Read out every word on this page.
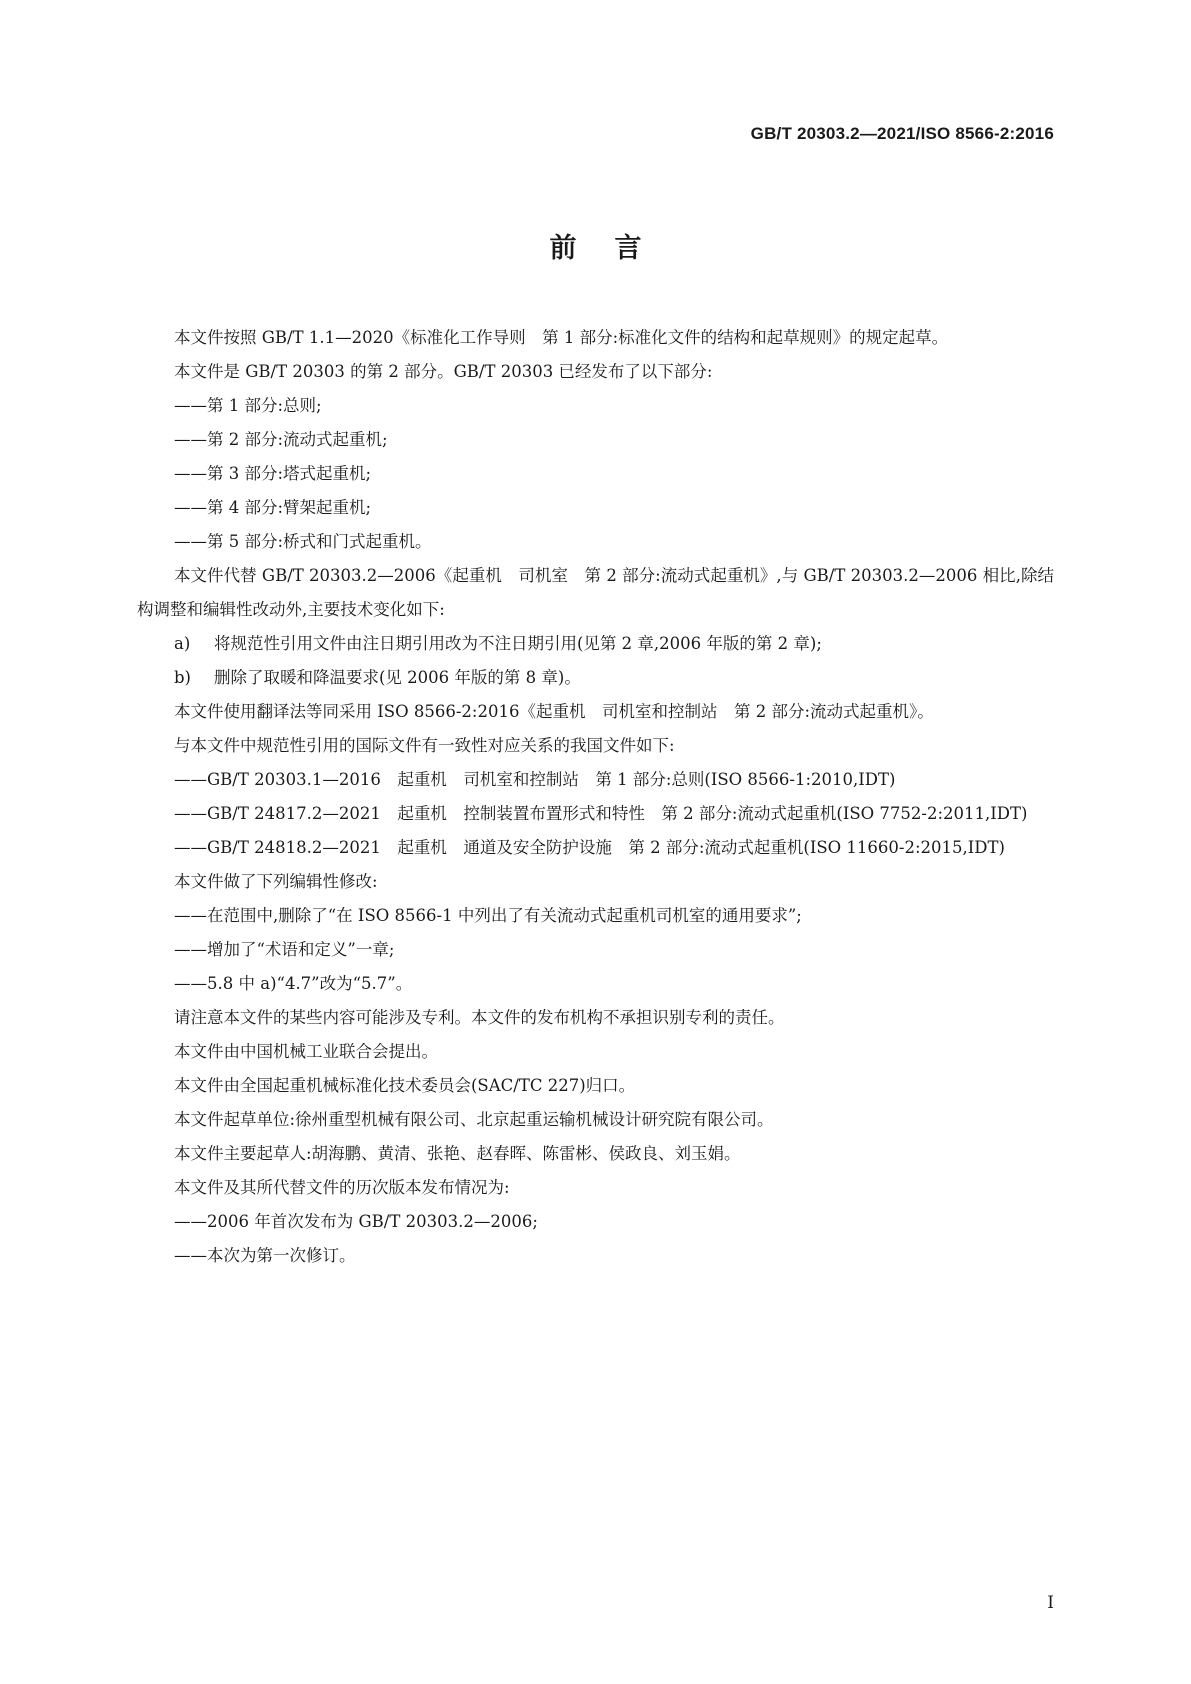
GB/T 20303.2—2021/ISO 8566-2:2016
前言

本文件按照 GB/T 1.1—2020《标准化工作导则　第 1 部分:标准化文件的结构和起草规则》的规定起草。

本文件是 GB/T 20303 的第 2 部分。GB/T 20303 已经发布了以下部分:

——第 1 部分:总则;

——第 2 部分:流动式起重机;

——第 3 部分:塔式起重机;

——第 4 部分:臂架起重机;

——第 5 部分:桥式和门式起重机。

本文件代替 GB/T 20303.2—2006《起重机　司机室　第 2 部分:流动式起重机》,与 GB/T 20303.2—2006 相比,除结构调整和编辑性改动外,主要技术变化如下:

a) 将规范性引用文件由注日期引用改为不注日期引用(见第 2 章,2006 年版的第 2 章);

b) 删除了取暖和降温要求(见 2006 年版的第 8 章)。

本文件使用翻译法等同采用 ISO 8566-2:2016《起重机　司机室和控制站　第 2 部分:流动式起重机》。

与本文件中规范性引用的国际文件有一致性对应关系的我国文件如下:

——GB/T 20303.1—2016　起重机　司机室和控制站　第 1 部分:总则(ISO 8566-1:2010,IDT)

——GB/T 24817.2—2021　起重机　控制装置布置形式和特性　第 2 部分:流动式起重机(ISO 7752-2:2011,IDT)

——GB/T 24818.2—2021　起重机　通道及安全防护设施　第 2 部分:流动式起重机(ISO 11660-2:2015,IDT)

本文件做了下列编辑性修改:

——在范围中,删除了“在 ISO 8566-1 中列出了有关流动式起重机司机室的通用要求”;

——增加了“术语和定义”一章;

——5.8 中 a)“4.7”改为“5.7”。

请注意本文件的某些内容可能涉及专利。本文件的发布机构不承担识别专利的责任。

本文件由中国机械工业联合会提出。

本文件由全国起重机械标准化技术委员会(SAC/TC 227)归口。

本文件起草单位:徐州重型机械有限公司、北京起重运输机械设计研究院有限公司。

本文件主要起草人:胡海鹏、黄清、张艳、赵春晖、陈雷彬、侯政良、刘玉娟。

本文件及其所代替文件的历次版本发布情况为:

——2006 年首次发布为 GB/T 20303.2—2006;

——本次为第一次修订。

I
